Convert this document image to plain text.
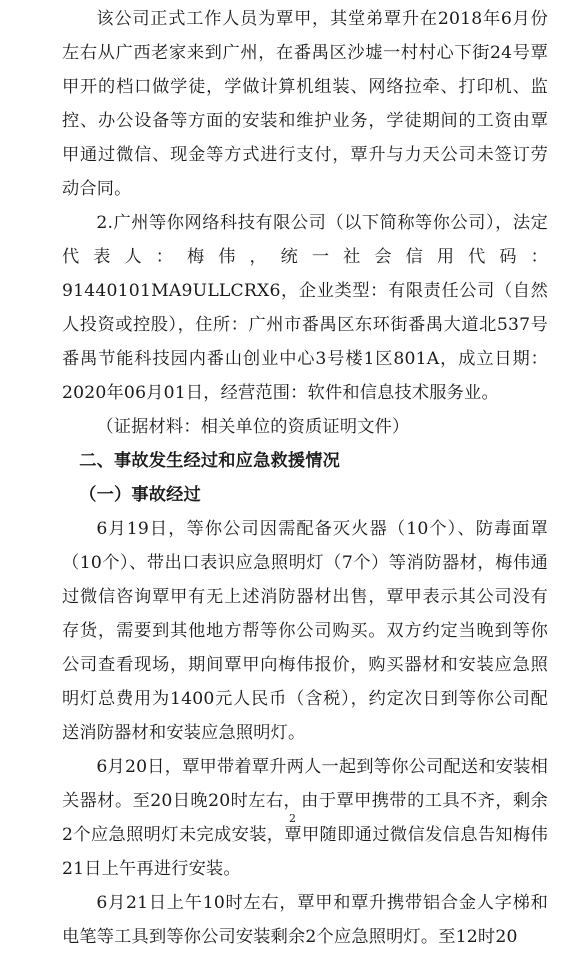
该公司正式工作人员为覃甲，其堂弟覃升在2018年6月份左右从广西老家来到广州，在番禺区沙墟一村村心下街24号覃甲开的档口做学徒，学做计算机组装、网络拉牵、打印机、监控、办公设备等方面的安装和维护业务，学徒期间的工资由覃甲通过微信、现金等方式进行支付，覃升与力天公司未签订劳动合同。

2.广州等你网络科技有限公司（以下简称等你公司），法定代表人：梅伟，统一社会信用代码：91440101MA9ULLCRX6，企业类型：有限责任公司（自然人投资或控股），住所：广州市番禺区东环街番禺大道北537号番禺节能科技园内番山创业中心3号楼1区801A，成立日期：2020年06月01日，经营范围：软件和信息技术服务业。

（证据材料：相关单位的资质证明文件）

二、事故发生经过和应急救援情况
（一）事故经过

6月19日，等你公司因需配备灭火器（10个）、防毒面罩（10个）、带出口表识应急照明灯（7个）等消防器材，梅伟通过微信咨询覃甲有无上述消防器材出售，覃甲表示其公司没有存货，需要到其他地方帮等你公司购买。双方约定当晚到等你公司查看现场，期间覃甲向梅伟报价，购买器材和安装应急照明灯总费用为1400元人民币（含税），约定次日到等你公司配送消防器材和安装应急照明灯。

6月20日，覃甲带着覃升两人一起到等你公司配送和安装相关器材。至20日晚20时左右，由于覃甲携带的工具不齐，剩余2个应急照明灯未完成安装，覃甲随即通过微信发信息告知梅伟21日上午再进行安装。

6月21日上午10时左右，覃甲和覃升携带铝合金人字梯和电笔等工具到等你公司安装剩余2个应急照明灯。至12时20

2
